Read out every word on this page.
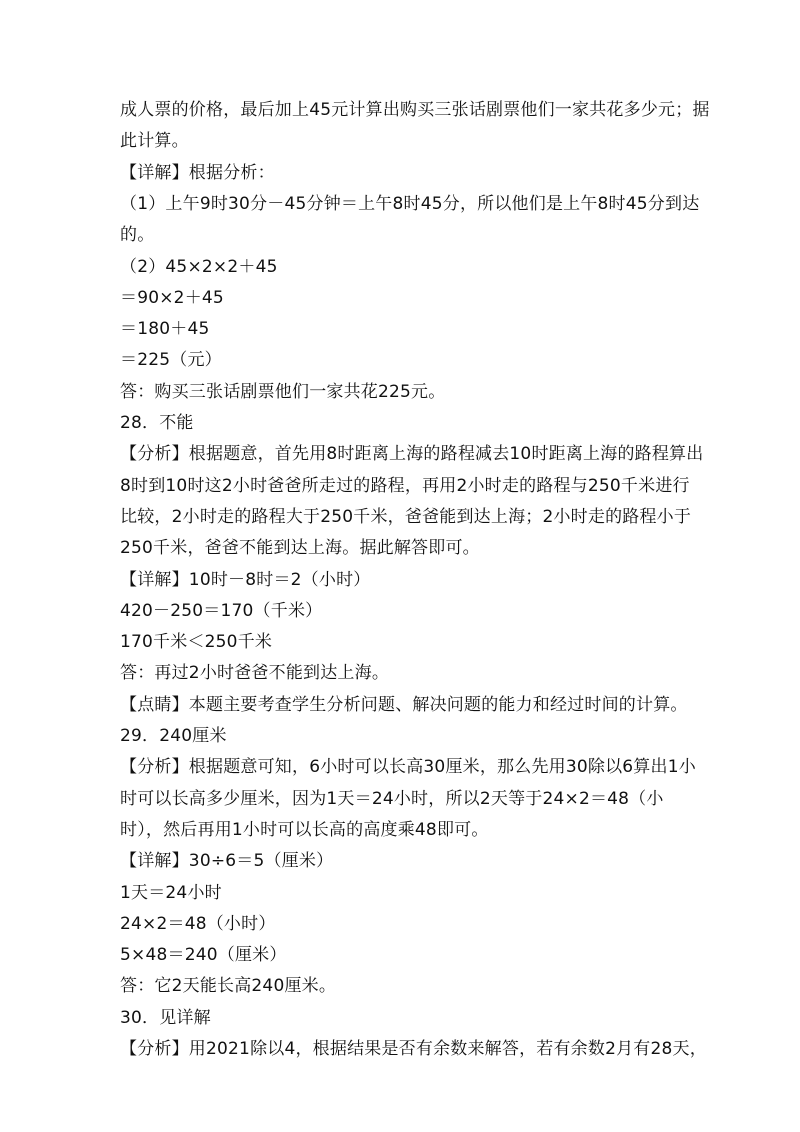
成人票的价格，最后加上45元计算出购买三张话剧票他们一家共花多少元；据
此计算。
【详解】根据分析：
（1）上午9时30分－45分钟＝上午8时45分，所以他们是上午8时45分到达
的。
（2）45×2×2＋45
＝90×2＋45
＝180＋45
＝225（元）
答：购买三张话剧票他们一家共花225元。
28．不能
【分析】根据题意，首先用8时距离上海的路程减去10时距离上海的路程算出
8时到10时这2小时爸爸所走过的路程，再用2小时走的路程与250千米进行
比较，2小时走的路程大于250千米，爸爸能到达上海；2小时走的路程小于
250千米，爸爸不能到达上海。据此解答即可。
【详解】10时－8时＝2（小时）
420－250＝170（千米）
170千米＜250千米
答：再过2小时爸爸不能到达上海。
【点睛】本题主要考查学生分析问题、解决问题的能力和经过时间的计算。
29．240厘米
【分析】根据题意可知，6小时可以长高30厘米，那么先用30除以6算出1小
时可以长高多少厘米，因为1天＝24小时，所以2天等于24×2＝48（小
时），然后再用1小时可以长高的高度乘48即可。
【详解】30÷6＝5（厘米）
1天＝24小时
24×2＝48（小时）
5×48＝240（厘米）
答：它2天能长高240厘米。
30．见详解
【分析】用2021除以4，根据结果是否有余数来解答，若有余数2月有28天，
